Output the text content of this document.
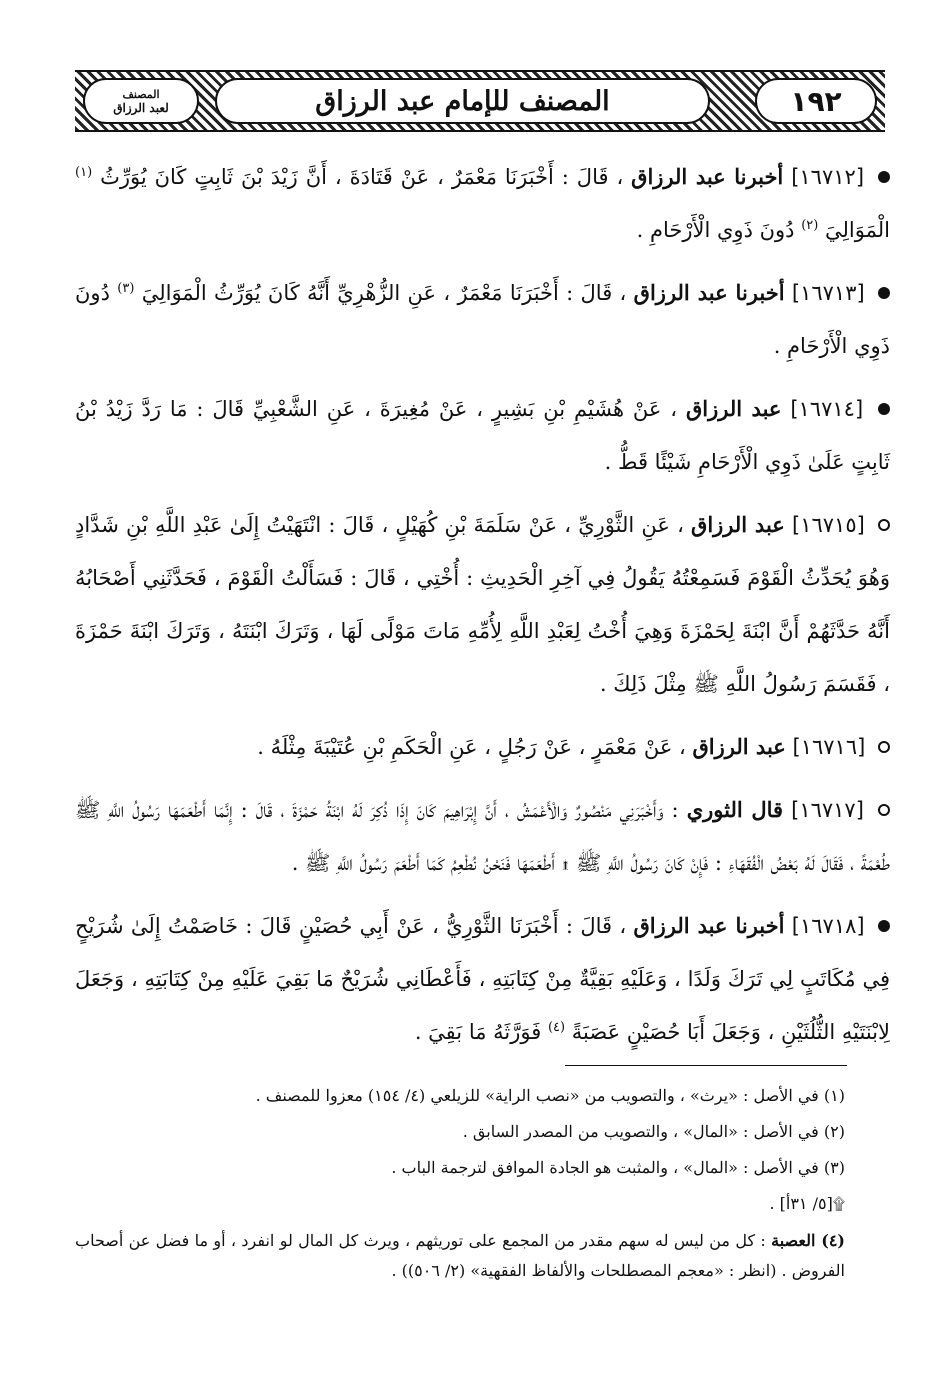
المصنف
لعبد الرزاق	المصنف للإمام عبد الرزاق	١٩٢

[١٦٧١٢] أخبرنا عبد الرزاق ، قَالَ : أَخْبَرَنَا مَعْمَرٌ ، عَنْ قَتَادَةَ ، أَنَّ زَيْدَ بْنَ ثَابِتٍ كَانَ يُوَرِّثُ $^{(١)}$ الْمَوَالِيَ $^{(٢)}$ دُونَ ذَوِي الْأَرْحَامِ .

[١٦٧١٣] أخبرنا عبد الرزاق ، قَالَ : أَخْبَرَنَا مَعْمَرٌ ، عَنِ الزُّهْرِيِّ أَنَّهُ كَانَ يُوَرِّثُ الْمَوَالِيَ $^{(٣)}$ دُونَ ذَوِي الْأَرْحَامِ .

[١٦٧١٤] عبد الرزاق ، عَنْ هُشَيْمِ بْنِ بَشِيرٍ ، عَنْ مُغِيرَةَ ، عَنِ الشَّعْبِيِّ قَالَ : مَا رَدَّ زَيْدُ بْنُ ثَابِتٍ عَلَىٰ ذَوِي الْأَرْحَامِ شَيْئًا قَطُّ .

[١٦٧١٥] عبد الرزاق ، عَنِ الثَّوْرِيِّ ، عَنْ سَلَمَةَ بْنِ كُهَيْلٍ ، قَالَ : انْتَهَيْتُ إِلَىٰ عَبْدِ اللَّهِ بْنِ شَدَّادٍ وَهُوَ يُحَدِّثُ الْقَوْمَ فَسَمِعْتُهُ يَقُولُ فِي آخِرِ الْحَدِيثِ : أُخْتِي ، قَالَ : فَسَأَلْتُ الْقَوْمَ ، فَحَدَّثَنِي أَصْحَابُهُ أَنَّهُ حَدَّثَهُمْ أَنَّ ابْنَةَ لِحَمْزَةَ وَهِيَ أُخْتُ لِعَبْدِ اللَّهِ لِأُمِّهِ مَاتَ مَوْلًى لَهَا ، وَتَرَكَ ابْنَتَهُ ، وَتَرَكَ ابْنَةَ حَمْزَةَ ، فَقَسَمَ رَسُولُ اللَّهِ ﷺ مِثْلَ ذَلِكَ .

[١٦٧١٦] عبد الرزاق ، عَنْ مَعْمَرٍ ، عَنْ رَجُلٍ ، عَنِ الْحَكَمِ بْنِ عُتَيْبَةَ مِثْلَهُ .

[١٦٧١٧] قال الثوري : وَأَخْبَرَنِي مَنْصُورٌ وَالْأَعْمَشُ ، أَنَّ إِبْرَاهِيمَ كَانَ إِذَا ذُكِرَ لَهُ ابْنَةُ حَمْزَةَ ، قَالَ : إِنَّمَا أَطْعَمَهَا رَسُولُ اللَّهِ ﷺ طُعْمَةً ، فَقَالَ لَهُ بَعْضُ الْفُقَهَاءِ : فَإِنْ كَانَ رَسُولُ اللَّهِ ﷺ ۩ أَطْعَمَهَا فَنَحْنُ نُطْعِمُ كَمَا أَطْعَمَ رَسُولُ اللَّهِ ﷺ .

[١٦٧١٨] أخبرنا عبد الرزاق ، قَالَ : أَخْبَرَنَا الثَّوْرِيُّ ، عَنْ أَبِي حُصَيْنٍ قَالَ : خَاصَمْتُ إِلَىٰ شُرَيْحٍ فِي مُكَاتَبٍ لِي تَرَكَ وَلَدًا ، وَعَلَيْهِ بَقِيَّةٌ مِنْ كِتَابَتِهِ ، فَأَعْطَانِي شُرَيْحٌ مَا بَقِيَ عَلَيْهِ مِنْ كِتَابَتِهِ ، وَجَعَلَ لِابْنَتَيْهِ الثُّلُثَيْنِ ، وَجَعَلَ أَبَا حُصَيْنٍ عَصَبَةً $^{(٤)}$ فَوَرَّثَهُ مَا بَقِيَ .

(١) في الأصل : «يرث» ، والتصويب من «نصب الراية» للزيلعي (٤/ ١٥٤) معزوا للمصنف .

(٢) في الأصل : «المال» ، والتصويب من المصدر السابق .

(٣) في الأصل : «المال» ، والمثبت هو الجادة الموافق لترجمة الباب .

۩[٥/ ٣١أ] .

(٤) العصبة : كل من ليس له سهم مقدر من المجمع على توريثهم ، ويرث كل المال لو انفرد ، أو ما فضل عن أصحاب الفروض . (انظر : «معجم المصطلحات والألفاظ الفقهية» (٢/ ٥٠٦)) .
